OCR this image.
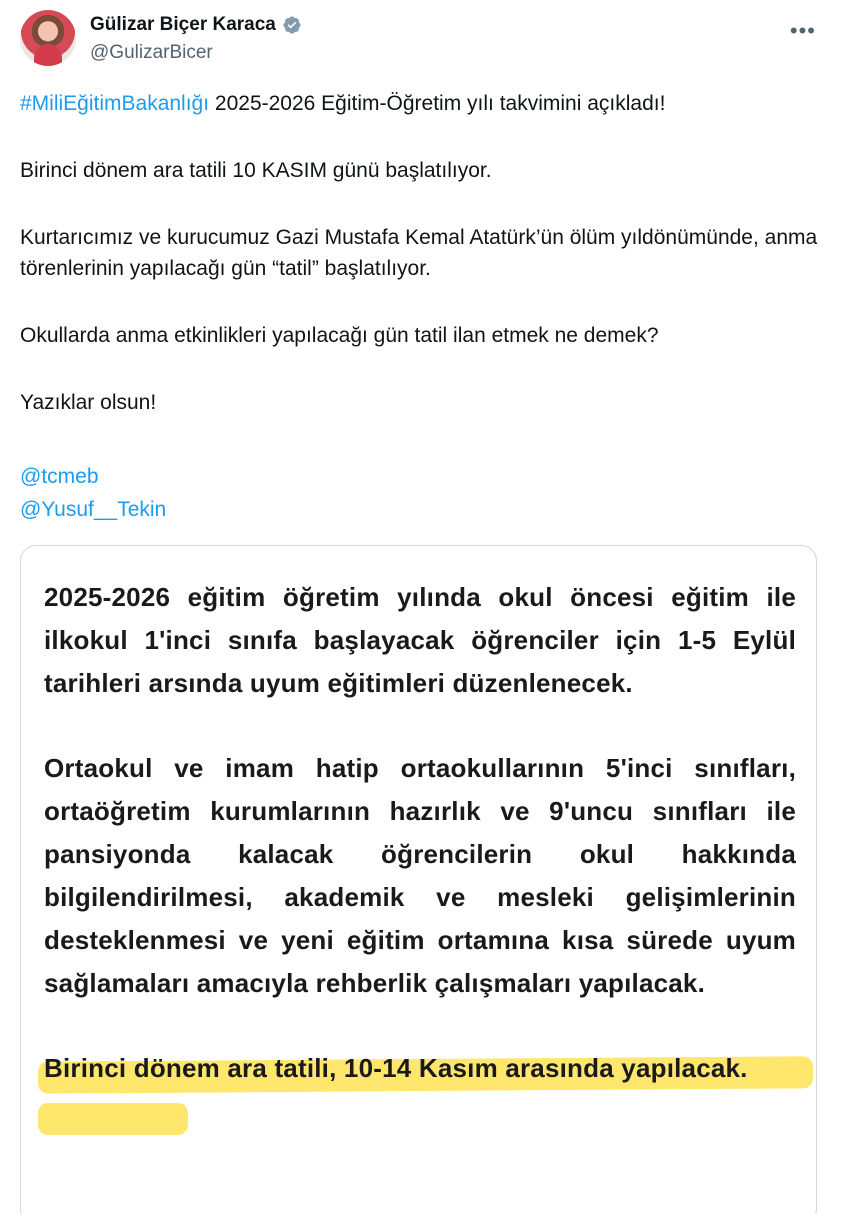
Gülizar Biçer Karaca
@GulizarBicer
•••

#MiliEğitimBakanlığı 2025-2026 Eğitim-Öğretim yılı takvimini açıkladı!

Birinci dönem ara tatili 10 KASIM günü başlatılıyor.

Kurtarıcımız ve kurucumuz Gazi Mustafa Kemal Atatürk’ün ölüm yıldönümünde, anma törenlerinin yapılacağı gün “tatil” başlatılıyor.

Okullarda anma etkinlikleri yapılacağı gün tatil ilan etmek ne demek?

Yazıklar olsun!

@tcmeb
@Yusuf__Tekin
2025-2026 eğitim öğretim yılında okul öncesi eğitim ile ilkokul 1'inci sınıfa başlayacak öğrenciler için 1-5 Eylül tarihleri arsında uyum eğitimleri düzenlenecek.
Ortaokul ve imam hatip ortaokullarının 5'inci sınıfları, ortaöğretim kurumlarının hazırlık ve 9'uncu sınıfları ile pansiyonda kalacak öğrencilerin okul hakkında bilgilendirilmesi, akademik ve mesleki gelişimlerinin desteklenmesi ve yeni eğitim ortamına kısa sürede uyum sağlamaları amacıyla rehberlik çalışmaları yapılacak.
Birinci dönem ara tatili, 10-14 Kasım arasında yapılacak.
